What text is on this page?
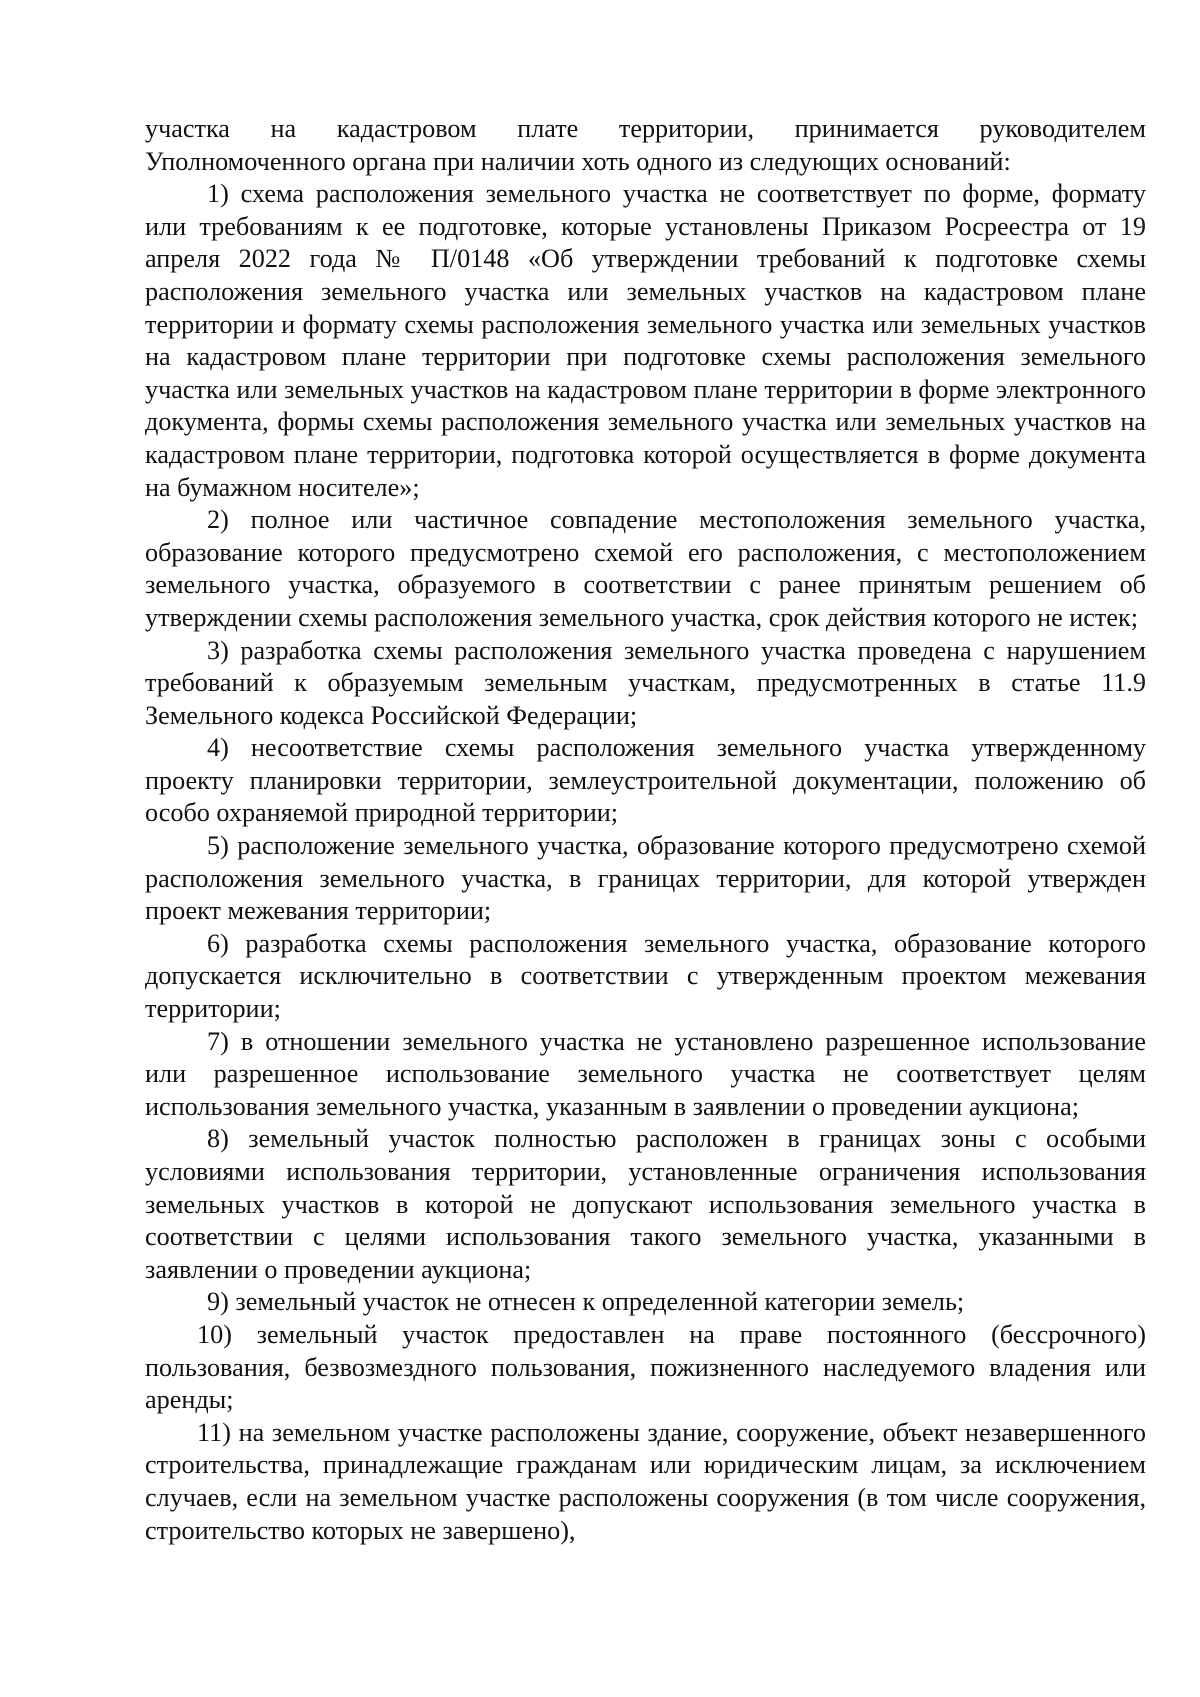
участка на кадастровом плате территории, принимается руководителем Уполномоченного органа при наличии хоть одного из следующих оснований:

1) схема расположения земельного участка не соответствует по форме, формату или требованиям к ее подготовке, которые установлены Приказом Росреестра от 19 апреля 2022 года № П/0148 «Об утверждении требований к подготовке схемы расположения земельного участка или земельных участков на кадастровом плане территории и формату схемы расположения земельного участка или земельных участков на кадастровом плане территории при подготовке схемы расположения земельного участка или земельных участков на кадастровом плане территории в форме электронного документа, формы схемы расположения земельного участка или земельных участков на кадастровом плане территории, подготовка которой осуществляется в форме документа на бумажном носителе»;

2) полное или частичное совпадение местоположения земельного участка, образование которого предусмотрено схемой его расположения, с местоположением земельного участка, образуемого в соответствии с ранее принятым решением об утверждении схемы расположения земельного участка, срок действия которого не истек;

3) разработка схемы расположения земельного участка проведена с нарушением требований к образуемым земельным участкам, предусмотренных в статье 11.9 Земельного кодекса Российской Федерации;

4) несоответствие схемы расположения земельного участка утвержденному проекту планировки территории, землеустроительной документации, положению об особо охраняемой природной территории;

5) расположение земельного участка, образование которого предусмотрено схемой расположения земельного участка, в границах территории, для которой утвержден проект межевания территории;

6) разработка схемы расположения земельного участка, образование которого допускается исключительно в соответствии с утвержденным проектом межевания территории;

7) в отношении земельного участка не установлено разрешенное использование или разрешенное использование земельного участка не соответствует целям использования земельного участка, указанным в заявлении о проведении аукциона;

8) земельный участок полностью расположен в границах зоны с особыми условиями использования территории, установленные ограничения использования земельных участков в которой не допускают использования земельного участка в соответствии с целями использования такого земельного участка, указанными в заявлении о проведении аукциона;

9) земельный участок не отнесен к определенной категории земель;

10) земельный участок предоставлен на праве постоянного (бессрочного) пользования, безвозмездного пользования, пожизненного наследуемого владения или аренды;

11) на земельном участке расположены здание, сооружение, объект незавершенного строительства, принадлежащие гражданам или юридическим лицам, за исключением случаев, если на земельном участке расположены сооружения (в том числе сооружения, строительство которых не завершено),
